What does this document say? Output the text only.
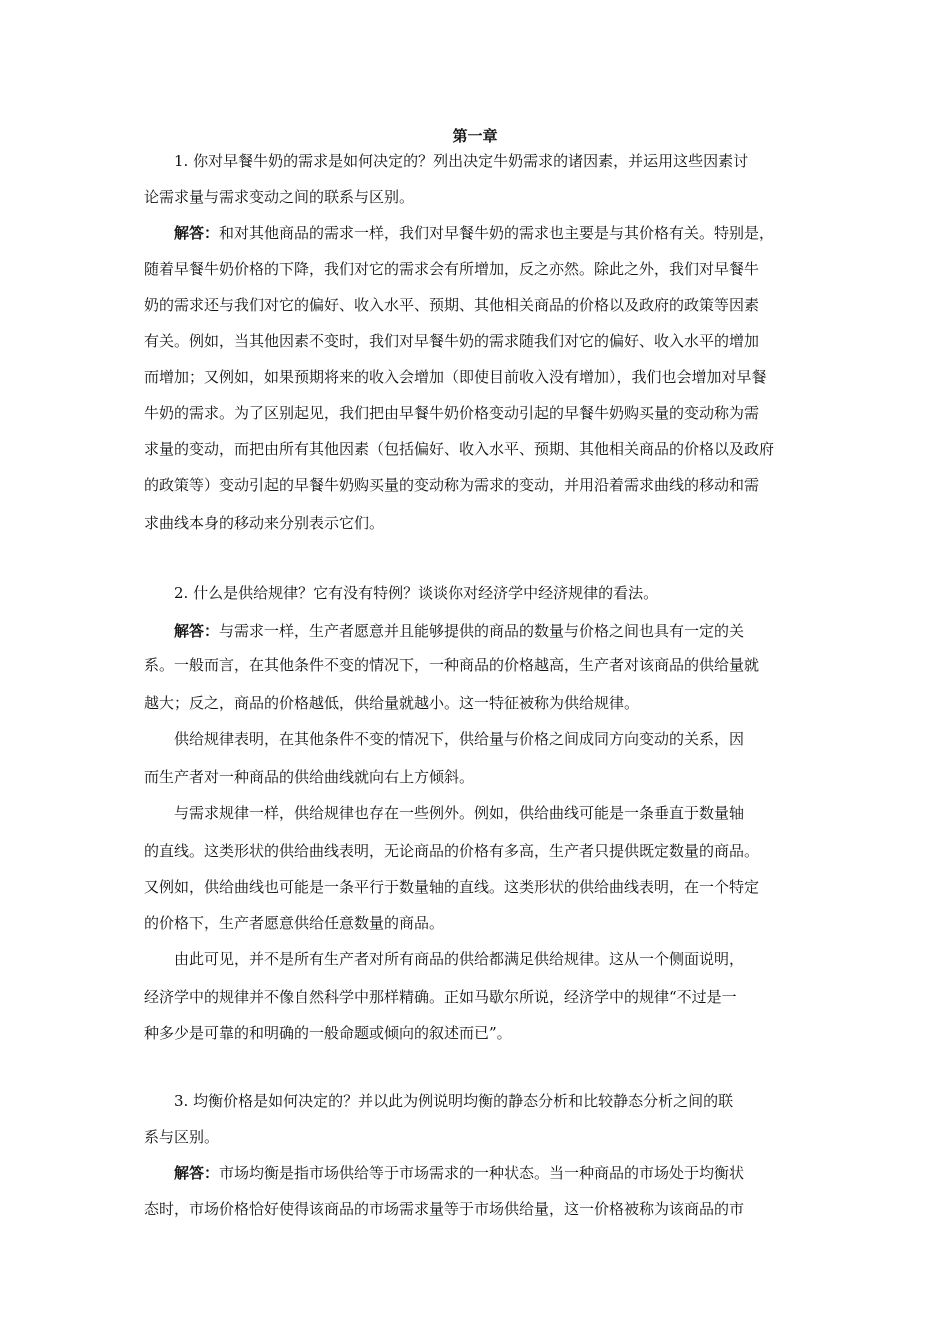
第一章
1. 你对早餐牛奶的需求是如何决定的？列出决定牛奶需求的诸因素，并运用这些因素讨
论需求量与需求变动之间的联系与区别。
解答：和对其他商品的需求一样，我们对早餐牛奶的需求也主要是与其价格有关。特别是，
随着早餐牛奶价格的下降，我们对它的需求会有所增加，反之亦然。除此之外，我们对早餐牛
奶的需求还与我们对它的偏好、收入水平、预期、其他相关商品的价格以及政府的政策等因素
有关。例如，当其他因素不变时，我们对早餐牛奶的需求随我们对它的偏好、收入水平的增加
而增加；又例如，如果预期将来的收入会增加（即使目前收入没有增加），我们也会增加对早餐
牛奶的需求。为了区别起见，我们把由早餐牛奶价格变动引起的早餐牛奶购买量的变动称为需
求量的变动，而把由所有其他因素（包括偏好、收入水平、预期、其他相关商品的价格以及政府
的政策等）变动引起的早餐牛奶购买量的变动称为需求的变动，并用沿着需求曲线的移动和需
求曲线本身的移动来分别表示它们。
2. 什么是供给规律？它有没有特例？谈谈你对经济学中经济规律的看法。
解答：与需求一样，生产者愿意并且能够提供的商品的数量与价格之间也具有一定的关
系。一般而言，在其他条件不变的情况下，一种商品的价格越高，生产者对该商品的供给量就
越大；反之，商品的价格越低，供给量就越小。这一特征被称为供给规律。
供给规律表明，在其他条件不变的情况下，供给量与价格之间成同方向变动的关系，因
而生产者对一种商品的供给曲线就向右上方倾斜。
与需求规律一样，供给规律也存在一些例外。例如，供给曲线可能是一条垂直于数量轴
的直线。这类形状的供给曲线表明，无论商品的价格有多高，生产者只提供既定数量的商品。
又例如，供给曲线也可能是一条平行于数量轴的直线。这类形状的供给曲线表明，在一个特定
的价格下，生产者愿意供给任意数量的商品。
由此可见，并不是所有生产者对所有商品的供给都满足供给规律。这从一个侧面说明，
经济学中的规律并不像自然科学中那样精确。正如马歇尔所说，经济学中的规律“不过是一
种多少是可靠的和明确的一般命题或倾向的叙述而已”。
3. 均衡价格是如何决定的？并以此为例说明均衡的静态分析和比较静态分析之间的联
系与区别。
解答：市场均衡是指市场供给等于市场需求的一种状态。当一种商品的市场处于均衡状
态时，市场价格恰好使得该商品的市场需求量等于市场供给量，这一价格被称为该商品的市
